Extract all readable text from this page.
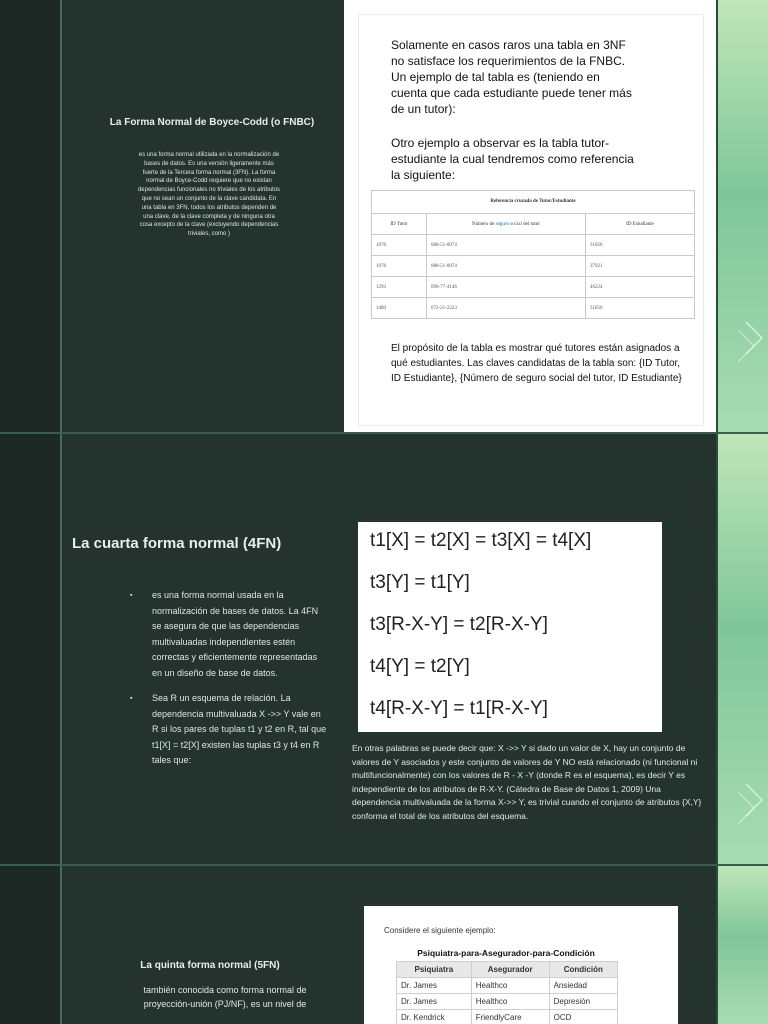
La Forma Normal de Boyce-Codd (o FNBC)
es una forma normal utilizada en la normalización de bases de datos. Es una versión ligeramente más fuerte de la Tercera forma normal (3FN). La forma normal de Boyce-Codd requiere que no existan dependencias funcionales no triviales de los atributos que no sean un conjunto de la clave candidata. En una tabla en 3FN, todos los atributos dependen de una clave, de la clave completa y de ninguna otra cosa excepto de la clave (excluyendo dependencias triviales, como )

Solamente en casos raros una tabla en 3NF no satisface los requerimientos de la FNBC. Un ejemplo de tal tabla es (teniendo en cuenta que cada estudiante puede tener más de un tutor):

Otro ejemplo a observar es la tabla tutor-estudiante la cual tendremos como referencia la siguiente:

Referencia cruzada de Tutor/Estudiante
ID Tutor	Número de seguro social del tutor	ID Estudiante
1078	088-51-0074	31850
1078	088-51-0074	37921
1293	096-77-4146	46224
1480	072-21-2223	31850

El propósito de la tabla es mostrar qué tutores están asignados a qué estudiantes. Las claves candidatas de la tabla son: {ID Tutor, ID Estudiante}, {Número de seguro social del tutor, ID Estudiante}

La cuarta forma normal (4FN)
▪ es una forma normal usada en la normalización de bases de datos. La 4FN se asegura de que las dependencias multivaluadas independientes estén correctas y eficientemente representadas en un diseño de base de datos.
▪ Sea R un esquema de relación. La dependencia multivaluada X ->> Y vale en R si los pares de tuplas t1 y t2 en R, tal que t1[X] = t2[X] existen las tuplas t3 y t4 en R tales que:

t1[X] = t2[X] = t3[X] = t4[X]

t3[Y] = t1[Y]

t3[R-X-Y] = t2[R-X-Y]

t4[Y] = t2[Y]

t4[R-X-Y] = t1[R-X-Y]

En otras palabras se puede decir que: X ->> Y si dado un valor de X, hay un conjunto de valores de Y asociados y este conjunto de valores de Y NO está relacionado (ni funcional ni multifuncionalmente) con los valores de R - X -Y (donde R es el esquema), es decir Y es independiente de los atributos de R-X-Y. (Cátedra de Base de Datos 1, 2009) Una dependencia multivaluada de la forma X->> Y, es trivial cuando el conjunto de atributos {X,Y} conforma el total de los atributos del esquema.

La quinta forma normal (5FN)
también conocida como forma normal de proyección-unión (PJ/NF), es un nivel de
Considere el siguiente ejemplo:
Psiquiatra-para-Asegurador-para-Condición
Psiquiatra	Asegurador	Condición
Dr. James	Healthco	Ansiedad
Dr. James	Healthco	Depresión
Dr. Kendrick	FriendlyCare	OCD
